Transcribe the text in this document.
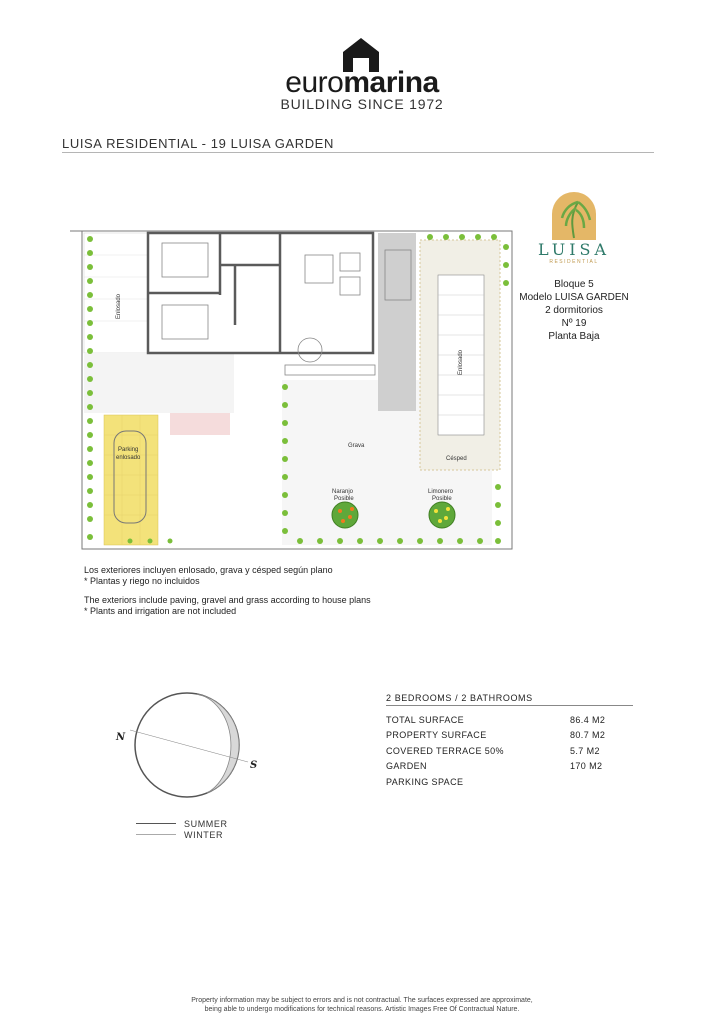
euromarina
BUILDING SINCE 1972
LUISA RESIDENTIAL - 19 LUISA GARDEN
LUISA
RESIDENTIAL
Bloque 5
Modelo LUISA GARDEN
2 dormitorios
Nº 19
Planta Baja
Enlosado
Enlosado
Parking
enlosado
Grava
Césped
Naranjo
Posible
Limonero
Posible
Los exteriores incluyen enlosado, grava y césped según plano
* Plantas y riego no incluidos
The exteriors include paving, gravel and grass according to house plans
* Plants and irrigation are not included
N
S
SUMMER
WINTER
2 BEDROOMS / 2 BATHROOMS
TOTAL SURFACE	86.4 M2
PROPERTY SURFACE	80.7 M2
COVERED TERRACE 50%	5.7 M2
GARDEN	170 M2
PARKING SPACE
Property information may be subject to errors and is not contractual. The surfaces expressed are approximate,
being able to undergo modifications for technical reasons. Artistic Images Free Of Contractual Nature.
